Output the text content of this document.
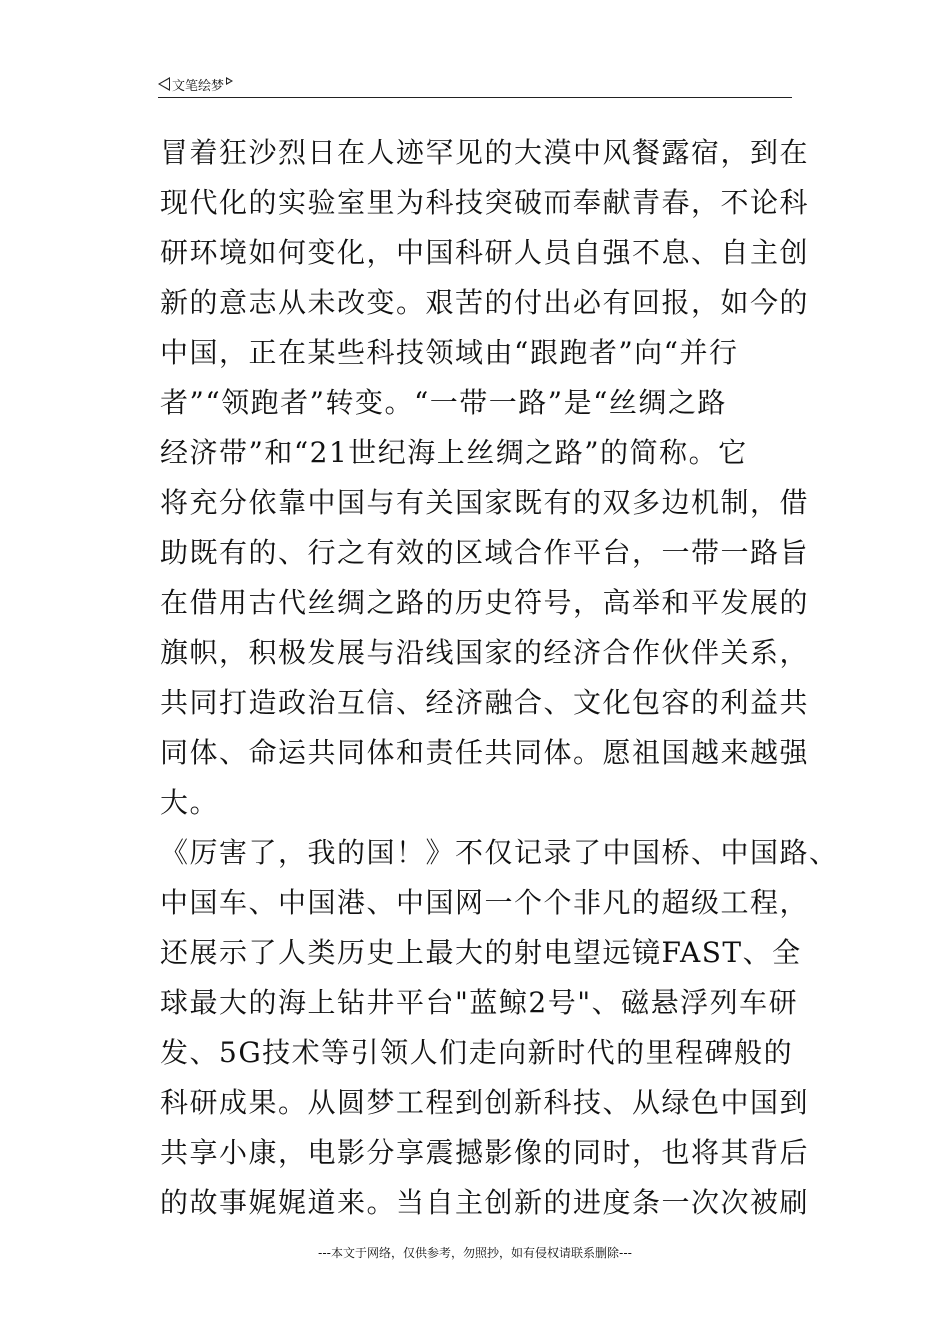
文笔绘梦
冒着狂沙烈日在人迹罕见的大漠中风餐露宿，到在
现代化的实验室里为科技突破而奉献青春，不论科
研环境如何变化，中国科研人员自强不息、自主创
新的意志从未改变。艰苦的付出必有回报，如今的
中国，正在某些科技领域由“跟跑者”向“并行
者”“领跑者”转变。“一带一路”是“丝绸之路
经济带”和“21世纪海上丝绸之路”的简称。它
将充分依靠中国与有关国家既有的双多边机制，借
助既有的、行之有效的区域合作平台，一带一路旨
在借用古代丝绸之路的历史符号，高举和平发展的
旗帜，积极发展与沿线国家的经济合作伙伴关系，
共同打造政治互信、经济融合、文化包容的利益共
同体、命运共同体和责任共同体。愿祖国越来越强
大。
《厉害了，我的国！》不仅记录了中国桥、中国路、
中国车、中国港、中国网一个个非凡的超级工程，
还展示了人类历史上最大的射电望远镜FAST、全
球最大的海上钻井平台"蓝鲸2号"、磁悬浮列车研
发、5G技术等引领人们走向新时代的里程碑般的
科研成果。从圆梦工程到创新科技、从绿色中国到
共享小康，电影分享震撼影像的同时，也将其背后
的故事娓娓道来。当自主创新的进度条一次次被刷
---本文于网络，仅供参考，勿照抄，如有侵权请联系删除---
